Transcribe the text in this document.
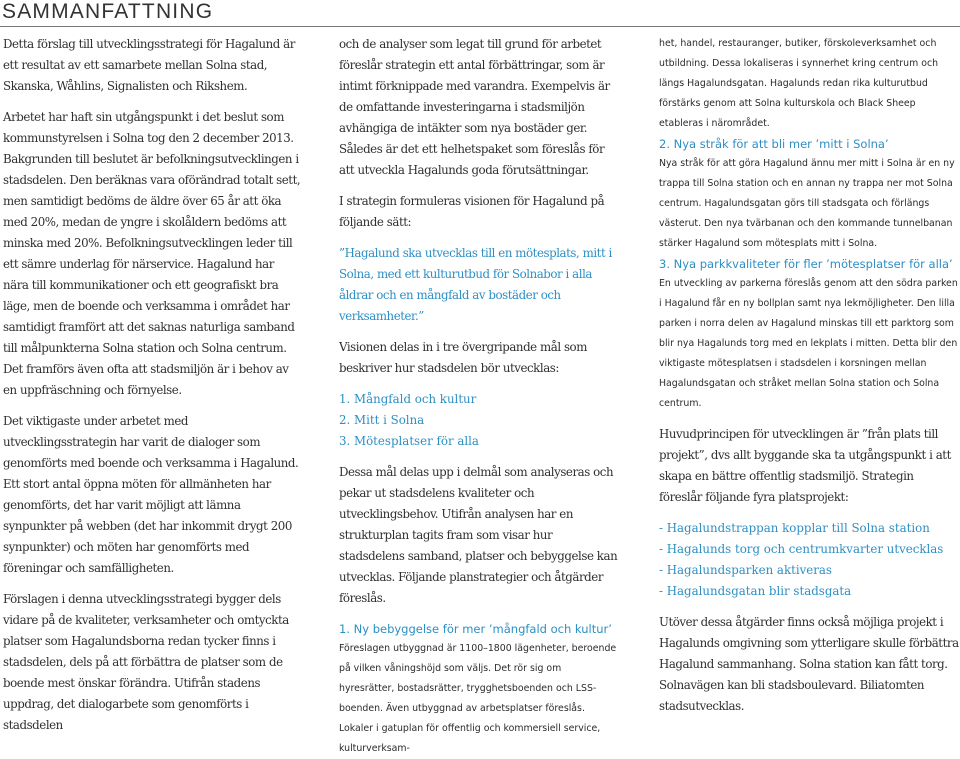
SAMMANFATTNING

Detta förslag till utvecklingsstrategi för Hagalund är ett resultat av ett samarbete mellan Solna stad, Skanska, Wåhlins, Signalisten och Rikshem.

Arbetet har haft sin utgångspunkt i det beslut som kommunstyrelsen i Solna tog den 2 december 2013. Bakgrunden till beslutet är befolkningsutvecklingen i stadsdelen. Den beräknas vara oförändrad totalt sett, men samtidigt bedöms de äldre över 65 år att öka med 20%, medan de yngre i skolåldern bedöms att minska med 20%. Befolkningsutvecklingen leder till ett sämre underlag för närservice. Hagalund har nära till kommunikationer och ett geografiskt bra läge, men de boende och verksamma i området har samtidigt framfört att det saknas naturliga samband till målpunkterna Solna station och Solna centrum. Det framförs även ofta att stadsmiljön är i behov av en uppfräschning och förnyelse.

Det viktigaste under arbetet med utvecklingsstrategin har varit de dialoger som genomförts med boende och verksamma i Hagalund. Ett stort antal öppna möten för allmänheten har genomförts, det har varit möjligt att lämna synpunkter på webben (det har inkommit drygt 200 synpunkter) och möten har genomförts med föreningar och samfälligheten.

Förslagen i denna utvecklingsstrategi bygger dels vidare på de kvaliteter, verksamheter och omtyckta platser som Hagalundsborna redan tycker finns i stadsdelen, dels på att förbättra de platser som de boende mest önskar förändra. Utifrån stadens uppdrag, det dialogarbete som genomförts i stadsdelen

och de analyser som legat till grund för arbetet föreslår strategin ett antal förbättringar, som är intimt förknippade med varandra. Exempelvis är de omfattande investeringarna i stadsmiljön avhängiga de intäkter som nya bostäder ger. Således är det ett helhetspaket som föreslås för att utveckla Hagalunds goda förutsättningar.

I strategin formuleras visionen för Hagalund på följande sätt:

”Hagalund ska utvecklas till en mötesplats, mitt i Solna, med ett kulturutbud för Solnabor i alla åldrar och en mångfald av bostäder och verksamheter.”

Visionen delas in i tre övergripande mål som beskriver hur stadsdelen bör utvecklas:

1. Mångfald och kultur
2. Mitt i Solna
3. Mötesplatser för alla

Dessa mål delas upp i delmål som analyseras och pekar ut stadsdelens kvaliteter och utvecklingsbehov. Utifrån analysen har en strukturplan tagits fram som visar hur stadsdelens samband, platser och bebyggelse kan utvecklas. Följande planstrategier och åtgärder föreslås.

1. Ny bebyggelse för mer ’mångfald och kultur’

Föreslagen utbyggnad är 1100–1800 lägenheter, beroende på vilken våningshöjd som väljs. Det rör sig om hyresrätter, bostadsrätter, trygghetsboenden och LSS-boenden. Även utbyggnad av arbetsplatser föreslås. Lokaler i gatuplan för offentlig och kommersiell service, kulturverksam-

het, handel, restauranger, butiker, förskoleverksamhet och utbildning. Dessa lokaliseras i synnerhet kring centrum och längs Hagalundsgatan. Hagalunds redan rika kulturutbud förstärks genom att Solna kulturskola och Black Sheep etableras i närområdet.

2. Nya stråk för att bli mer ’mitt i Solna’

Nya stråk för att göra Hagalund ännu mer mitt i Solna är en ny trappa till Solna station och en annan ny trappa ner mot Solna centrum. Hagalundsgatan görs till stadsgata och förlängs västerut. Den nya tvärbanan och den kommande tunnelbanan stärker Hagalund som mötesplats mitt i Solna.

3. Nya parkkvaliteter för fler ’mötesplatser för alla’

En utveckling av parkerna föreslås genom att den södra parken i Hagalund får en ny bollplan samt nya lekmöjligheter. Den lilla parken i norra delen av Hagalund minskas till ett parktorg som blir nya Hagalunds torg med en lekplats i mitten. Detta blir den viktigaste mötesplatsen i stadsdelen i korsningen mellan Hagalundsgatan och stråket mellan Solna station och Solna centrum.

Huvudprincipen för utvecklingen är ”från plats till projekt”, dvs allt byggande ska ta utgångspunkt i att skapa en bättre offentlig stadsmiljö. Strategin föreslår följande fyra platsprojekt:

- Hagalundstrappan kopplar till Solna station
- Hagalunds torg och centrumkvarter utvecklas
- Hagalundsparken aktiveras
- Hagalundsgatan blir stadsgata

Utöver dessa åtgärder finns också möjliga projekt i Hagalunds omgivning som ytterligare skulle förbättra Hagalund sammanhang. Solna station kan fått torg. Solnavägen kan bli stadsboulevard. Biliatomten stadsutvecklas.
